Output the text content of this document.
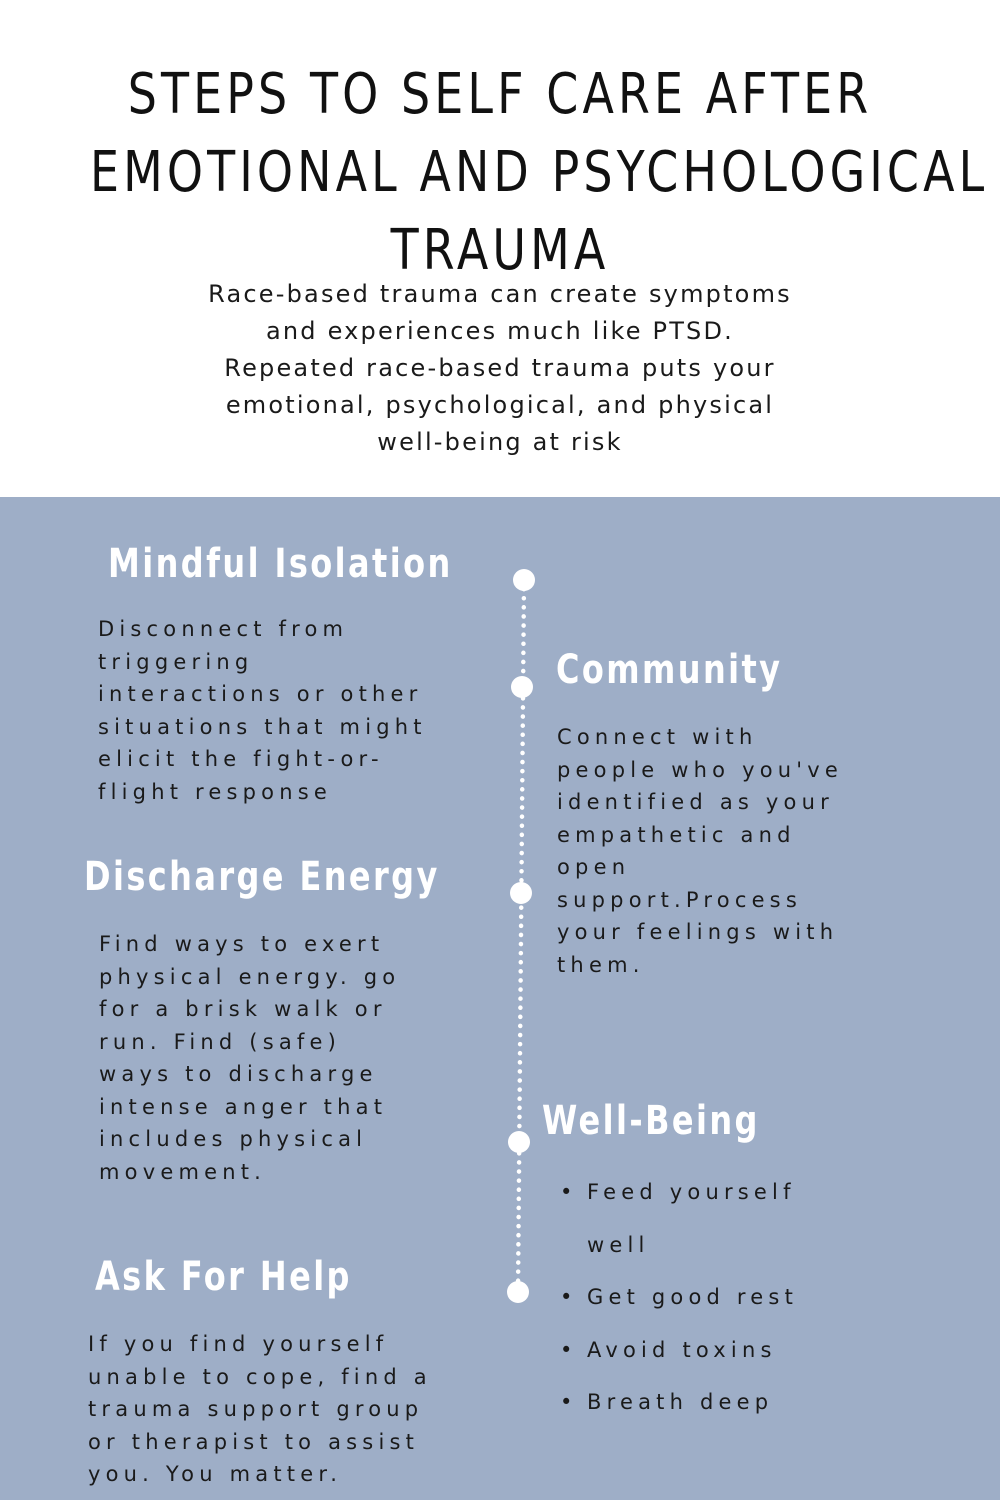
STEPS TO SELF CARE AFTER
EMOTIONAL AND PSYCHOLOGICAL
TRAUMA

Race-based trauma can create symptoms
and experiences much like PTSD.
Repeated race-based trauma puts your
emotional, psychological, and physical
well-being at risk

Mindful Isolation

Disconnect from
triggering
interactions or other
situations that might
elicit the fight-or-
flight response

Community

Connect with
people who you've
identified as your
empathetic and
open
support.Process
your feelings with
them.

Discharge Energy

Find ways to exert
physical energy. go
for a brisk walk or
run. Find (safe)
ways to discharge
intense anger that
includes physical
movement.

Well-Being
• Feed yourself
well
• Get good rest
• Avoid toxins
• Breath deep
Ask For Help

If you find yourself
unable to cope, find a
trauma support group
or therapist to assist
you. You matter.
